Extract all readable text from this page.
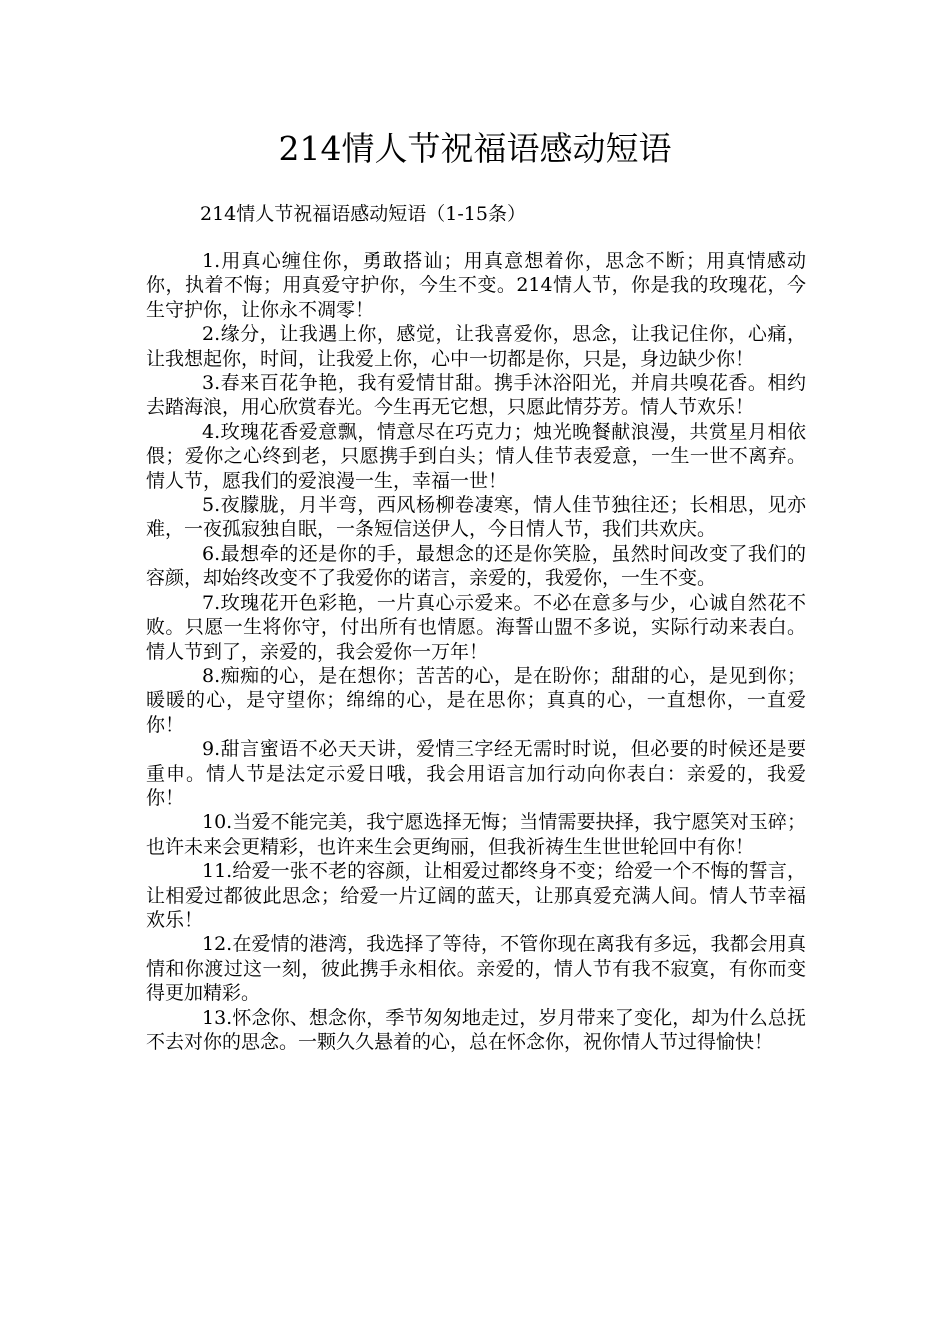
214情人节祝福语感动短语

214情人节祝福语感动短语（1-15条）

1.用真心缠住你，勇敢搭讪；用真意想着你，思念不断；用真情感动你，执着不悔；用真爱守护你，今生不变。214情人节，你是我的玫瑰花，今生守护你，让你永不凋零！

2.缘分，让我遇上你，感觉，让我喜爱你，思念，让我记住你，心痛，让我想起你，时间，让我爱上你，心中一切都是你，只是，身边缺少你！

3.春来百花争艳，我有爱情甘甜。携手沐浴阳光，并肩共嗅花香。相约去踏海浪，用心欣赏春光。今生再无它想，只愿此情芬芳。情人节欢乐！

4.玫瑰花香爱意飘，情意尽在巧克力；烛光晚餐献浪漫，共赏星月相依偎；爱你之心终到老，只愿携手到白头；情人佳节表爱意，一生一世不离弃。情人节，愿我们的爱浪漫一生，幸福一世！

5.夜朦胧，月半弯，西风杨柳卷凄寒，情人佳节独往还；长相思，见亦难，一夜孤寂独自眠，一条短信送伊人，今日情人节，我们共欢庆。

6.最想牵的还是你的手，最想念的还是你笑脸，虽然时间改变了我们的容颜，却始终改变不了我爱你的诺言，亲爱的，我爱你，一生不变。

7.玫瑰花开色彩艳，一片真心示爱来。不必在意多与少，心诚自然花不败。只愿一生将你守，付出所有也情愿。海誓山盟不多说，实际行动来表白。情人节到了，亲爱的，我会爱你一万年！

8.痴痴的心，是在想你；苦苦的心，是在盼你；甜甜的心，是见到你；暖暖的心，是守望你；绵绵的心，是在思你；真真的心，一直想你，一直爱你！

9.甜言蜜语不必天天讲，爱情三字经无需时时说，但必要的时候还是要重申。情人节是法定示爱日哦，我会用语言加行动向你表白：亲爱的，我爱你！

10.当爱不能完美，我宁愿选择无悔；当情需要抉择，我宁愿笑对玉碎；也许未来会更精彩，也许来生会更绚丽，但我祈祷生生世世轮回中有你！

11.给爱一张不老的容颜，让相爱过都终身不变；给爱一个不悔的誓言，让相爱过都彼此思念；给爱一片辽阔的蓝天，让那真爱充满人间。情人节幸福欢乐！

12.在爱情的港湾，我选择了等待，不管你现在离我有多远，我都会用真情和你渡过这一刻，彼此携手永相依。亲爱的，情人节有我不寂寞，有你而变得更加精彩。

13.怀念你、想念你，季节匆匆地走过，岁月带来了变化，却为什么总抚不去对你的思念。一颗久久悬着的心，总在怀念你，祝你情人节过得愉快！
